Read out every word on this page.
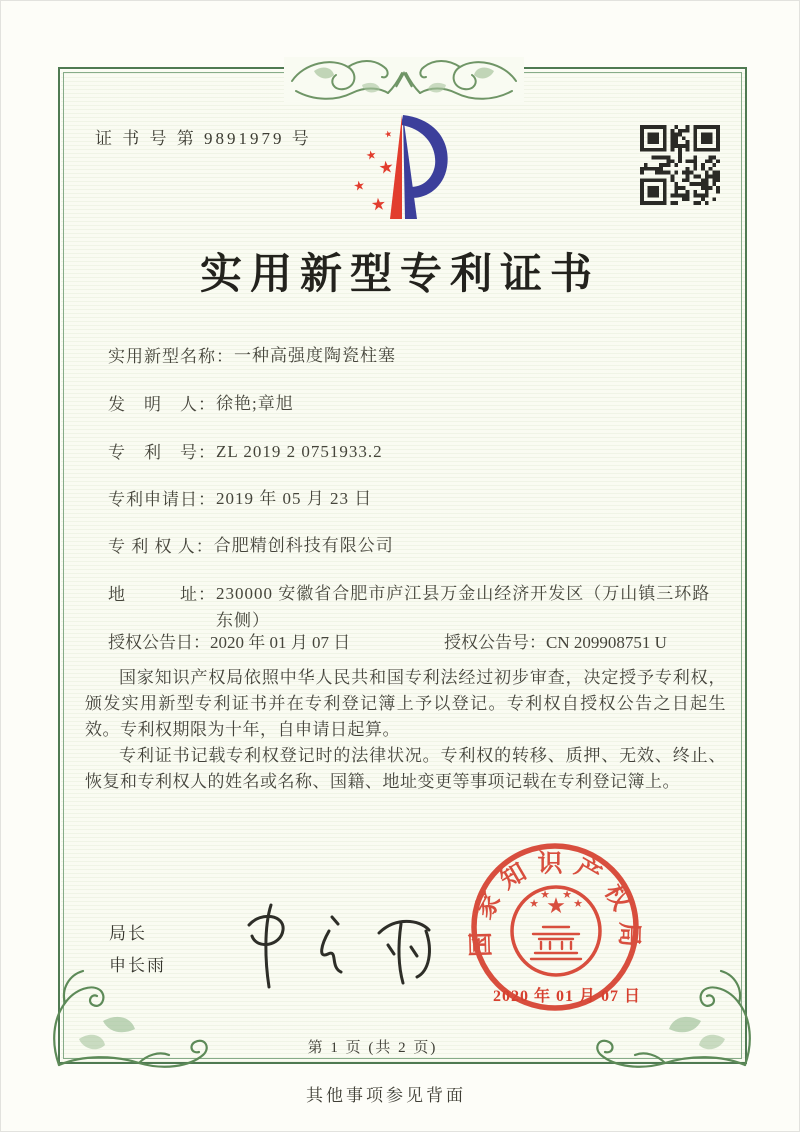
证 书 号 第 9891979 号	★
★
★
★
★
实用新型专利证书
实用新型名称： 一种高强度陶瓷柱塞
发　明　人： 徐艳;章旭
专　利　号： ZL 2019 2 0751933.2
专利申请日： 2019 年 05 月 23 日
专 利 权 人： 合肥精创科技有限公司
地　　　址： 230000 安徽省合肥市庐江县万金山经济开发区（万山镇三环路东侧）
授权公告日：2020 年 01 月 07 日	授权公告号：CN 209908751 U

国家知识产权局依照中华人民共和国专利法经过初步审查，决定授予专利权，颁发实用新型专利证书并在专利登记簿上予以登记。专利权自授权公告之日起生效。专利权期限为十年，自申请日起算。

专利证书记载专利权登记时的法律状况。专利权的转移、质押、无效、终止、恢复和专利权人的姓名或名称、国籍、地址变更等事项记载在专利登记簿上。

局长
申长雨
国家知识产权局
★
★
★ ★
★
2020 年 01 月 07 日
第 1 页 (共 2 页)
其他事项参见背面
